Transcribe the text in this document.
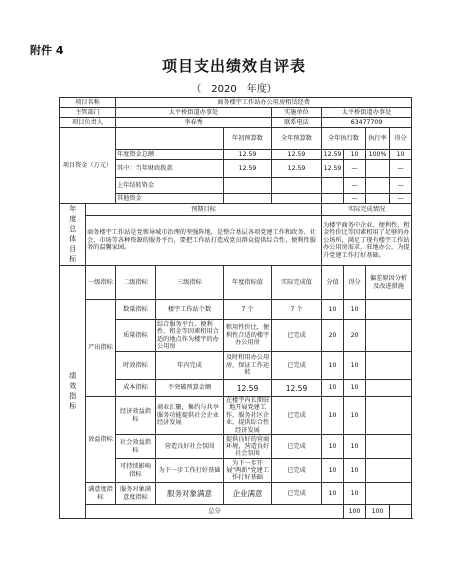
附件 4
项目支出绩效自评表
（　2020　年度）
项目名称		商务楼宇工作站办公用房租赁经费							
主管部门		太平桥街道办事处			实施单位	太平桥街道办事处			
项目负责人		李春秀			联系电话	63477709			
项目资金（万元）				年初预算数	全年预算数	全年执行数		执行率	得分
		年度资金总额		12.59	12.59	12.59	10	100%	10
		其中：当年财政拨款		12.59	12.59	12.59	—		—
		上年结转资金					—		—
		其他资金					—		—
年度总体目标	预期目标					实际完成情况			
	商务楼宇工作站是党领导城市治理的坚强阵地，是整合基层各项党建工作和政务、社会、市场等各种资源的服务平台，要把工作站打造成党员群众提供综合性、便利性服务的温馨家园。					为楼宇商务中企业、便利性、租金性价比等因素租用了足够的办公场所，满足了现有楼宇工作站办公用房需求，驻地办公，为提升党建工作打好基础。			
绩效指标	一级指标	二级指标	三级指标	年度指标值	实际完成值	分值	得分	偏差原因分析及改进措施	
	产出指标	数量指标	楼宇工作站个数	7 个	7 个	10	10		
		质量指标	综合服务平台、便利性、租金等因素租用合适的地点作为楼宇的办公用房	租用性价比，便利性合适的楼宇办公用房	已完成	20	20		
		时效指标	年内完成	及时租用办公用房，保证工作运转	已完成	10	10		
		成本指标	不突破预算金额	12.59	12.59	10	10		
	效益指标	经济效益指标	商业汇聚，集约与共享服务功能提供社会企业经济发展	在楼宇内长期驻地开展党建工作，服务社区企业，提供综合性经济发展	已完成	10	10		
		社会效益指标	营造良好社会氛围	提供良好的营商环境，营造良好社会氛围	已完成	10	10		
		可持续影响指标	为下一步工作打好基础	为下一步开展"两新"党建工作打好基础	已完成	10	10		
	满意度指标	服务对象满意度指标	服务对象满意	企业满意	已完成	10	10		
	总分						100	100	
